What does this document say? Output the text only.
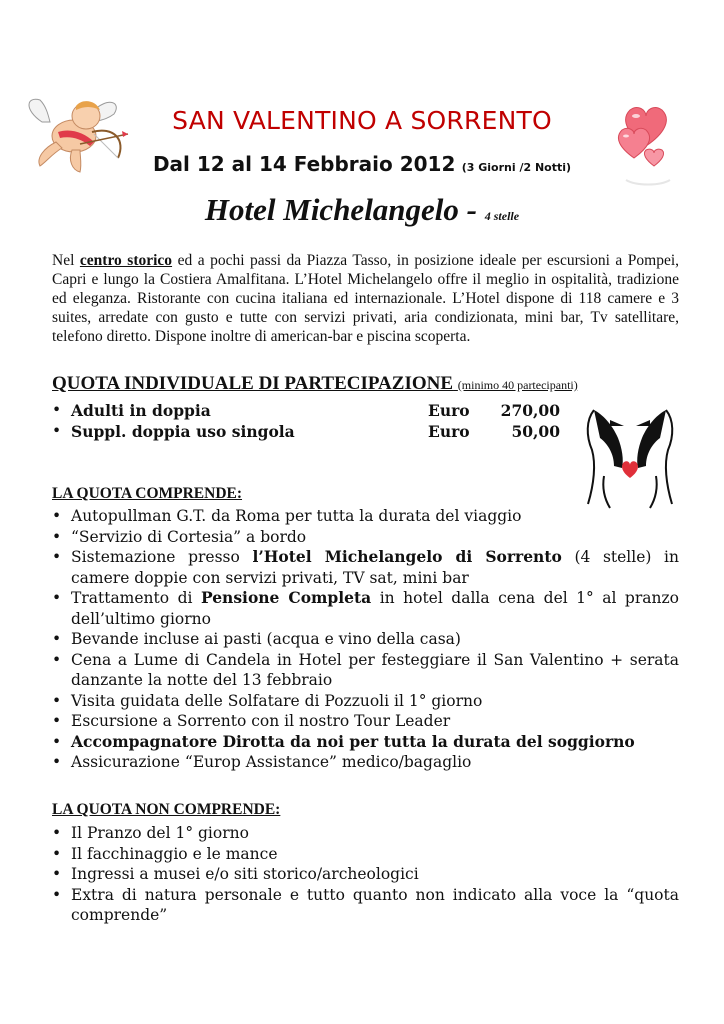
SAN VALENTINO A SORRENTO
Dal 12 al 14 Febbraio 2012 (3 Giorni /2 Notti)
Hotel Michelangelo - 4 stelle
Nel centro storico ed a pochi passi da Piazza Tasso, in posizione ideale per escursioni a Pompei, Capri e lungo la Costiera Amalfitana. L’Hotel Michelangelo offre il meglio in ospitalità, tradizione ed eleganza. Ristorante con cucina italiana ed internazionale. L’Hotel dispone di 118 camere e 3 suites, arredate con gusto e tutte con servizi privati, aria condizionata, mini bar, Tv satellitare, telefono diretto. Dispone inoltre di american-bar e piscina scoperta.
QUOTA INDIVIDUALE DI PARTECIPAZIONE (minimo 40 partecipanti)
• Adulti in doppia	Euro 270,00
• Suppl. doppia uso singola	Euro	50,00
LA QUOTA COMPRENDE:
• Autopullman G.T. da Roma per tutta la durata del viaggio
• “Servizio di Cortesia” a bordo
• Sistemazione presso l’Hotel Michelangelo di Sorrento (4 stelle) in camere doppie con servizi privati, TV sat, mini bar
• Trattamento di Pensione Completa in hotel dalla cena del 1° al pranzo dell’ultimo giorno
• Bevande incluse ai pasti (acqua e vino della casa)
• Cena a Lume di Candela in Hotel per festeggiare il San Valentino + serata danzante la notte del 13 febbraio
• Visita guidata delle Solfatare di Pozzuoli il 1° giorno
• Escursione a Sorrento con il nostro Tour Leader
• Accompagnatore Dirotta da noi per tutta la durata del soggiorno
• Assicurazione “Europ Assistance” medico/bagaglio
LA QUOTA NON COMPRENDE:
• Il Pranzo del 1° giorno
• Il facchinaggio e le mance
• Ingressi a musei e/o siti storico/archeologici
• Extra di natura personale e tutto quanto non indicato alla voce la “quota comprende”
